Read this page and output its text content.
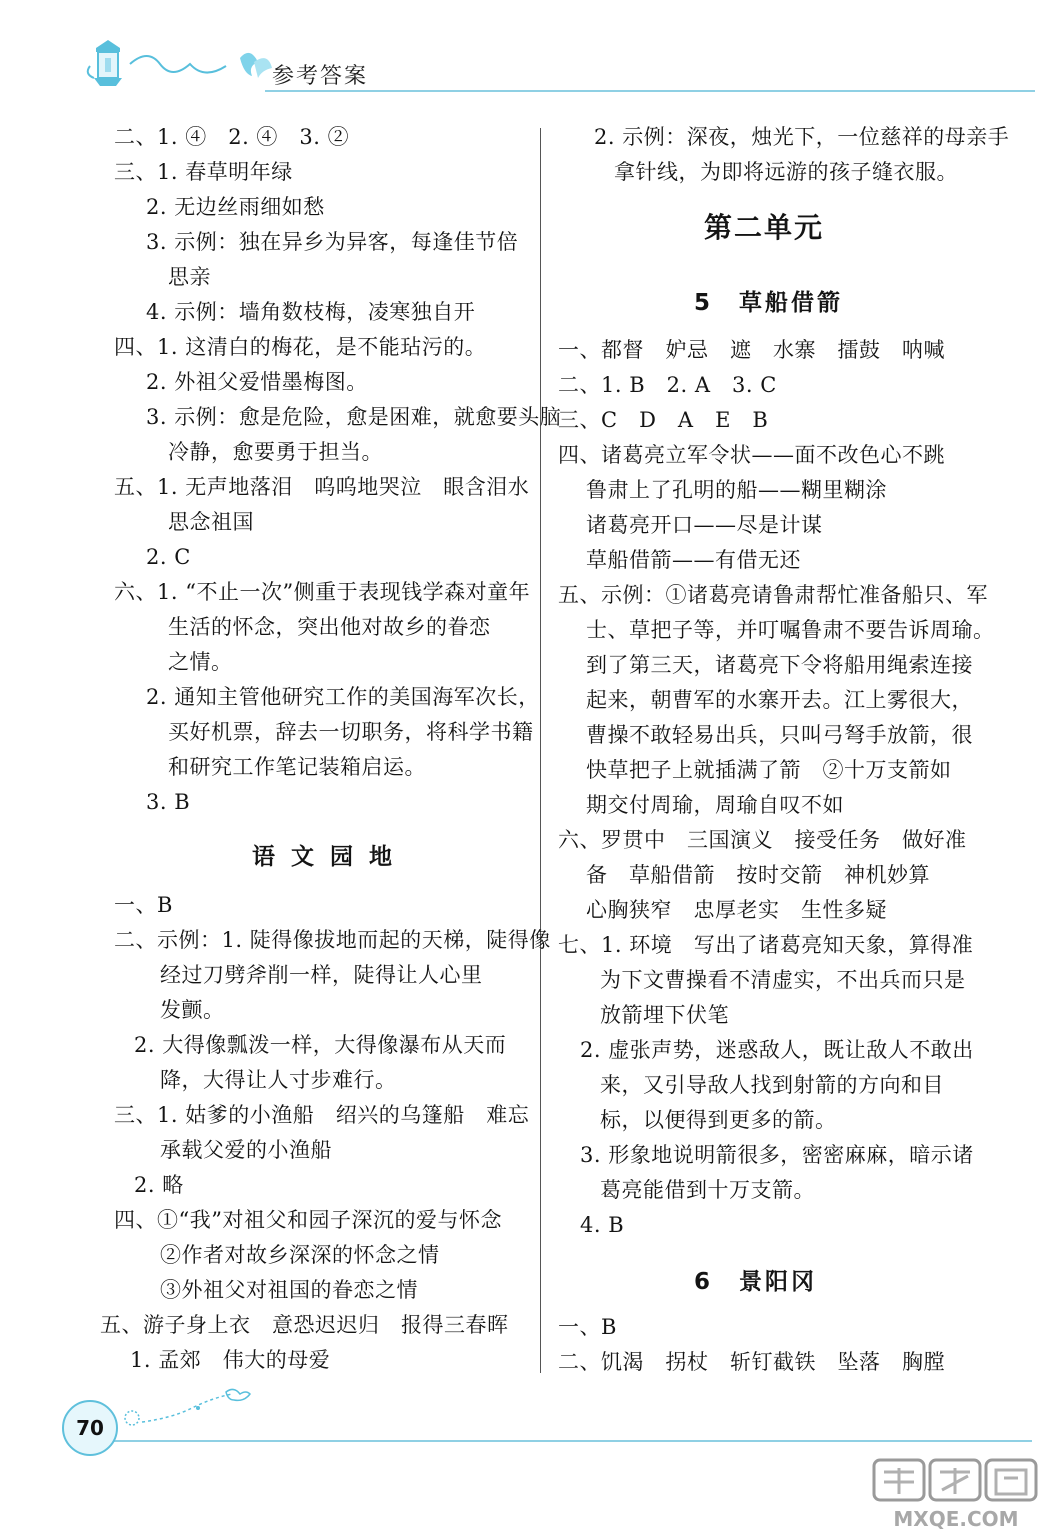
参考答案
二、1. ④　2. ④　3. ②
三、1. 春草明年绿
2. 无边丝雨细如愁
3. 示例：独在异乡为异客，每逢佳节倍
思亲
4. 示例：墙角数枝梅，凌寒独自开
四、1. 这清白的梅花，是不能玷污的。
2. 外祖父爱惜墨梅图。
3. 示例：愈是危险，愈是困难，就愈要头脑
冷静，愈要勇于担当。
五、1. 无声地落泪　呜呜地哭泣　眼含泪水
思念祖国
2. C
六、1. “不止一次”侧重于表现钱学森对童年
生活的怀念，突出他对故乡的眷恋
之情。
2. 通知主管他研究工作的美国海军次长，
买好机票，辞去一切职务，将科学书籍
和研究工作笔记装箱启运。
3. B
语 文 园 地
一、B
二、示例：1. 陡得像拔地而起的天梯，陡得像
经过刀劈斧削一样，陡得让人心里
发颤。
2. 大得像瓢泼一样，大得像瀑布从天而
降，大得让人寸步难行。
三、1. 姑爹的小渔船　绍兴的乌篷船　难忘
承载父爱的小渔船
2. 略
四、①“我”对祖父和园子深沉的爱与怀念
②作者对故乡深深的怀念之情
③外祖父对祖国的眷恋之情
五、游子身上衣　意恐迟迟归　报得三春晖
1. 孟郊　伟大的母爱
2. 示例：深夜，烛光下，一位慈祥的母亲手
拿针线，为即将远游的孩子缝衣服。
第二单元
5　草船借箭
一、都督　妒忌　遮　水寨　擂鼓　呐喊
二、1. B　2. A　3. C
三、C　D　A　E　B
四、诸葛亮立军令状——面不改色心不跳
鲁肃上了孔明的船——糊里糊涂
诸葛亮开口——尽是计谋
草船借箭——有借无还
五、示例：①诸葛亮请鲁肃帮忙准备船只、军
士、草把子等，并叮嘱鲁肃不要告诉周瑜。
到了第三天，诸葛亮下令将船用绳索连接
起来，朝曹军的水寨开去。江上雾很大，
曹操不敢轻易出兵，只叫弓弩手放箭，很
快草把子上就插满了箭　②十万支箭如
期交付周瑜，周瑜自叹不如
六、罗贯中　三国演义　接受任务　做好准
备　草船借箭　按时交箭　神机妙算
心胸狭窄　忠厚老实　生性多疑
七、1. 环境　写出了诸葛亮知天象，算得准
为下文曹操看不清虚实，不出兵而只是
放箭埋下伏笔
2. 虚张声势，迷惑敌人，既让敌人不敢出
来，又引导敌人找到射箭的方向和目
标，以便得到更多的箭。
3. 形象地说明箭很多，密密麻麻，暗示诸
葛亮能借到十万支箭。
4. B
6　景阳冈
一、B
二、饥渴　拐杖　斩钉截铁　坠落　胸膛
70
MXQE.COM
